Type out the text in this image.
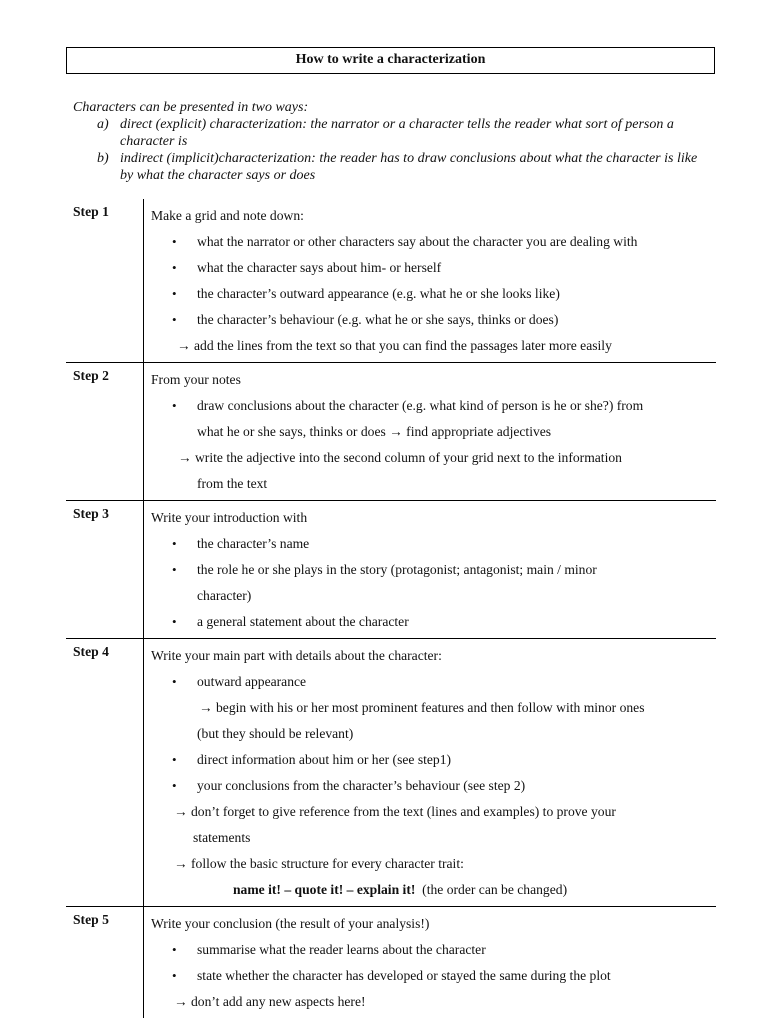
How to write a characterization
Characters can be presented in two ways:
a) direct (explicit) characterization: the narrator or a character tells the reader what sort of person a character is
b) indirect (implicit)characterization: the reader has to draw conclusions about what the character is like by what the character says or does
Step 1	Make a grid and note down:
• what the narrator or other characters say about the character you are dealing with
• what the character says about him- or herself
• the character’s outward appearance (e.g. what he or she looks like)
• the character’s behaviour (e.g. what he or she says, thinks or does)
→ add the lines from the text so that you can find the passages later more easily
Step 2	From your notes
• draw conclusions about the character (e.g. what kind of person is he or she?) from
what he or she says, thinks or does → find appropriate adjectives
→ write the adjective into the second column of your grid next to the information
from the text
Step 3	Write your introduction with
• the character’s name
• the role he or she plays in the story (protagonist; antagonist; main / minor
character)
• a general statement about the character
Step 4	Write your main part with details about the character:
• outward appearance
→ begin with his or her most prominent features and then follow with minor ones
(but they should be relevant)
• direct information about him or her (see step1)
• your conclusions from the character’s behaviour (see step 2)
→ don’t forget to give reference from the text (lines and examples) to prove your
statements
→ follow the basic structure for every character trait:
name it! – quote it! – explain it! (the order can be changed)
Step 5	Write your conclusion (the result of your analysis!)
• summarise what the reader learns about the character
• state whether the character has developed or stayed the same during the plot
→ don’t add any new aspects here!
